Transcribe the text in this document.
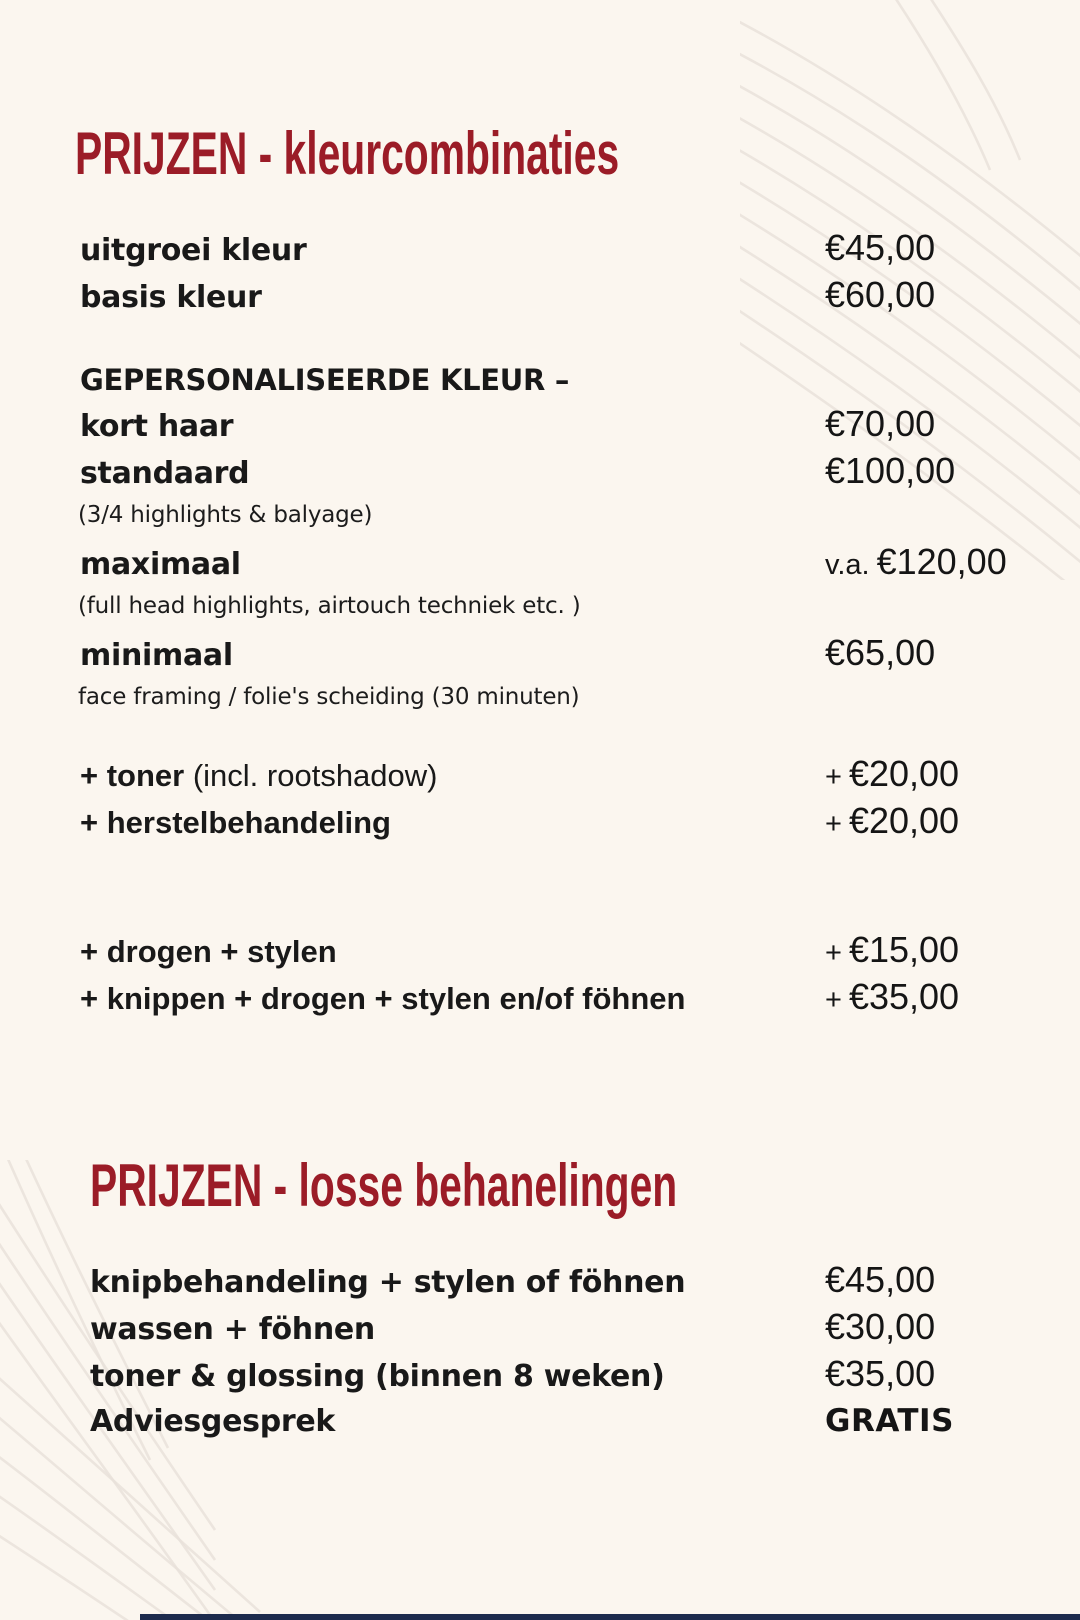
PRIJZEN - kleurcombinaties
uitgroei kleur	€45,00
basis kleur	€60,00
GEPERSONALISEERDE KLEUR –
kort haar	€70,00
standaard	€100,00
(3/4 highlights & balyage)
maximaal	v.a. €120,00
(full head highlights, airtouch techniek etc. )
minimaal	€65,00
face framing / folie's scheiding (30 minuten)
+ toner (incl. rootshadow)	+ €20,00
+ herstelbehandeling	+ €20,00
+ drogen + stylen	+ €15,00
+ knippen + drogen + stylen en/of föhnen	+ €35,00
PRIJZEN - losse behanelingen
knipbehandeling + stylen of föhnen	€45,00
wassen + föhnen	€30,00
toner & glossing (binnen 8 weken)	€35,00
Adviesgesprek	GRATIS
